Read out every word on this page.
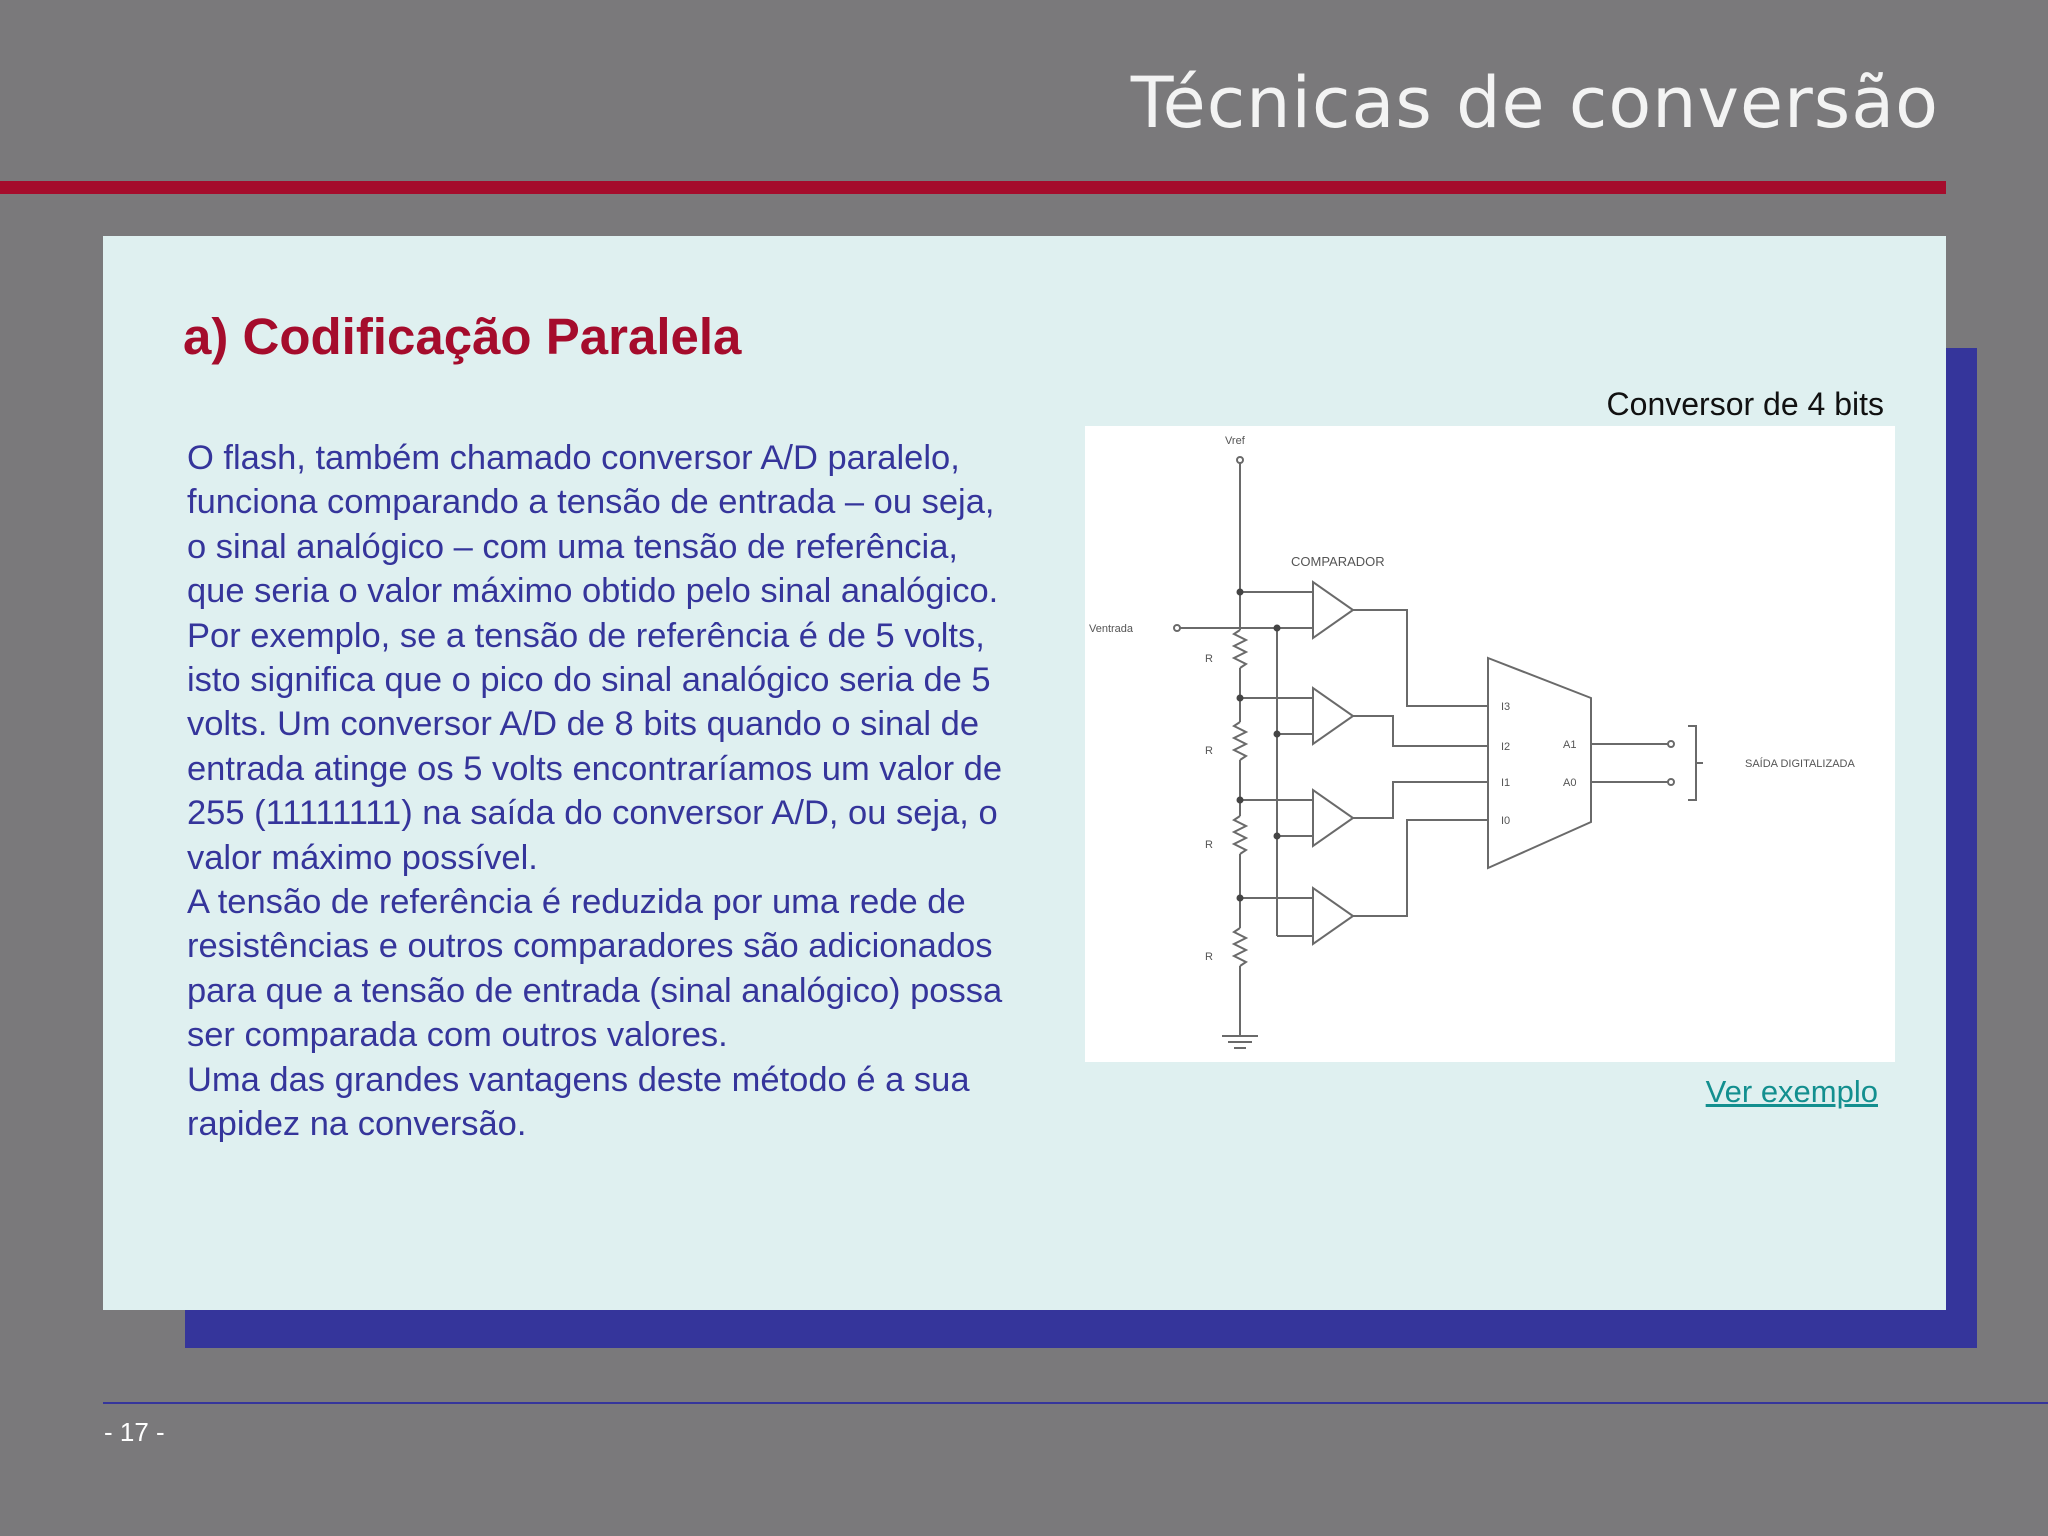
Técnicas de conversão
a) Codificação Paralela

O flash, também chamado conversor A/D paralelo, funciona comparando a tensão de entrada – ou seja, o sinal analógico – com uma tensão de referência, que seria o valor máximo obtido pelo sinal analógico. Por exemplo, se a tensão de referência é de 5 volts, isto significa que o pico do sinal analógico seria de 5 volts. Um conversor A/D de 8 bits quando o sinal de entrada atinge os 5 volts encontraríamos um valor de 255 (11111111) na saída do conversor A/D, ou seja, o valor máximo possível.

A tensão de referência é reduzida por uma rede de resistências e outros comparadores são adicionados para que a tensão de entrada (sinal analógico) possa ser comparada com outros valores.

Uma das grandes vantagens deste método é a sua rapidez na conversão.

Conversor de 4 bits
Vref
Ventrada
COMPARADOR
R
R
R
R
I3
I2
I1
I0
A1
A0
SAÍDA DIGITALIZADA
Ver exemplo
- 17 -
